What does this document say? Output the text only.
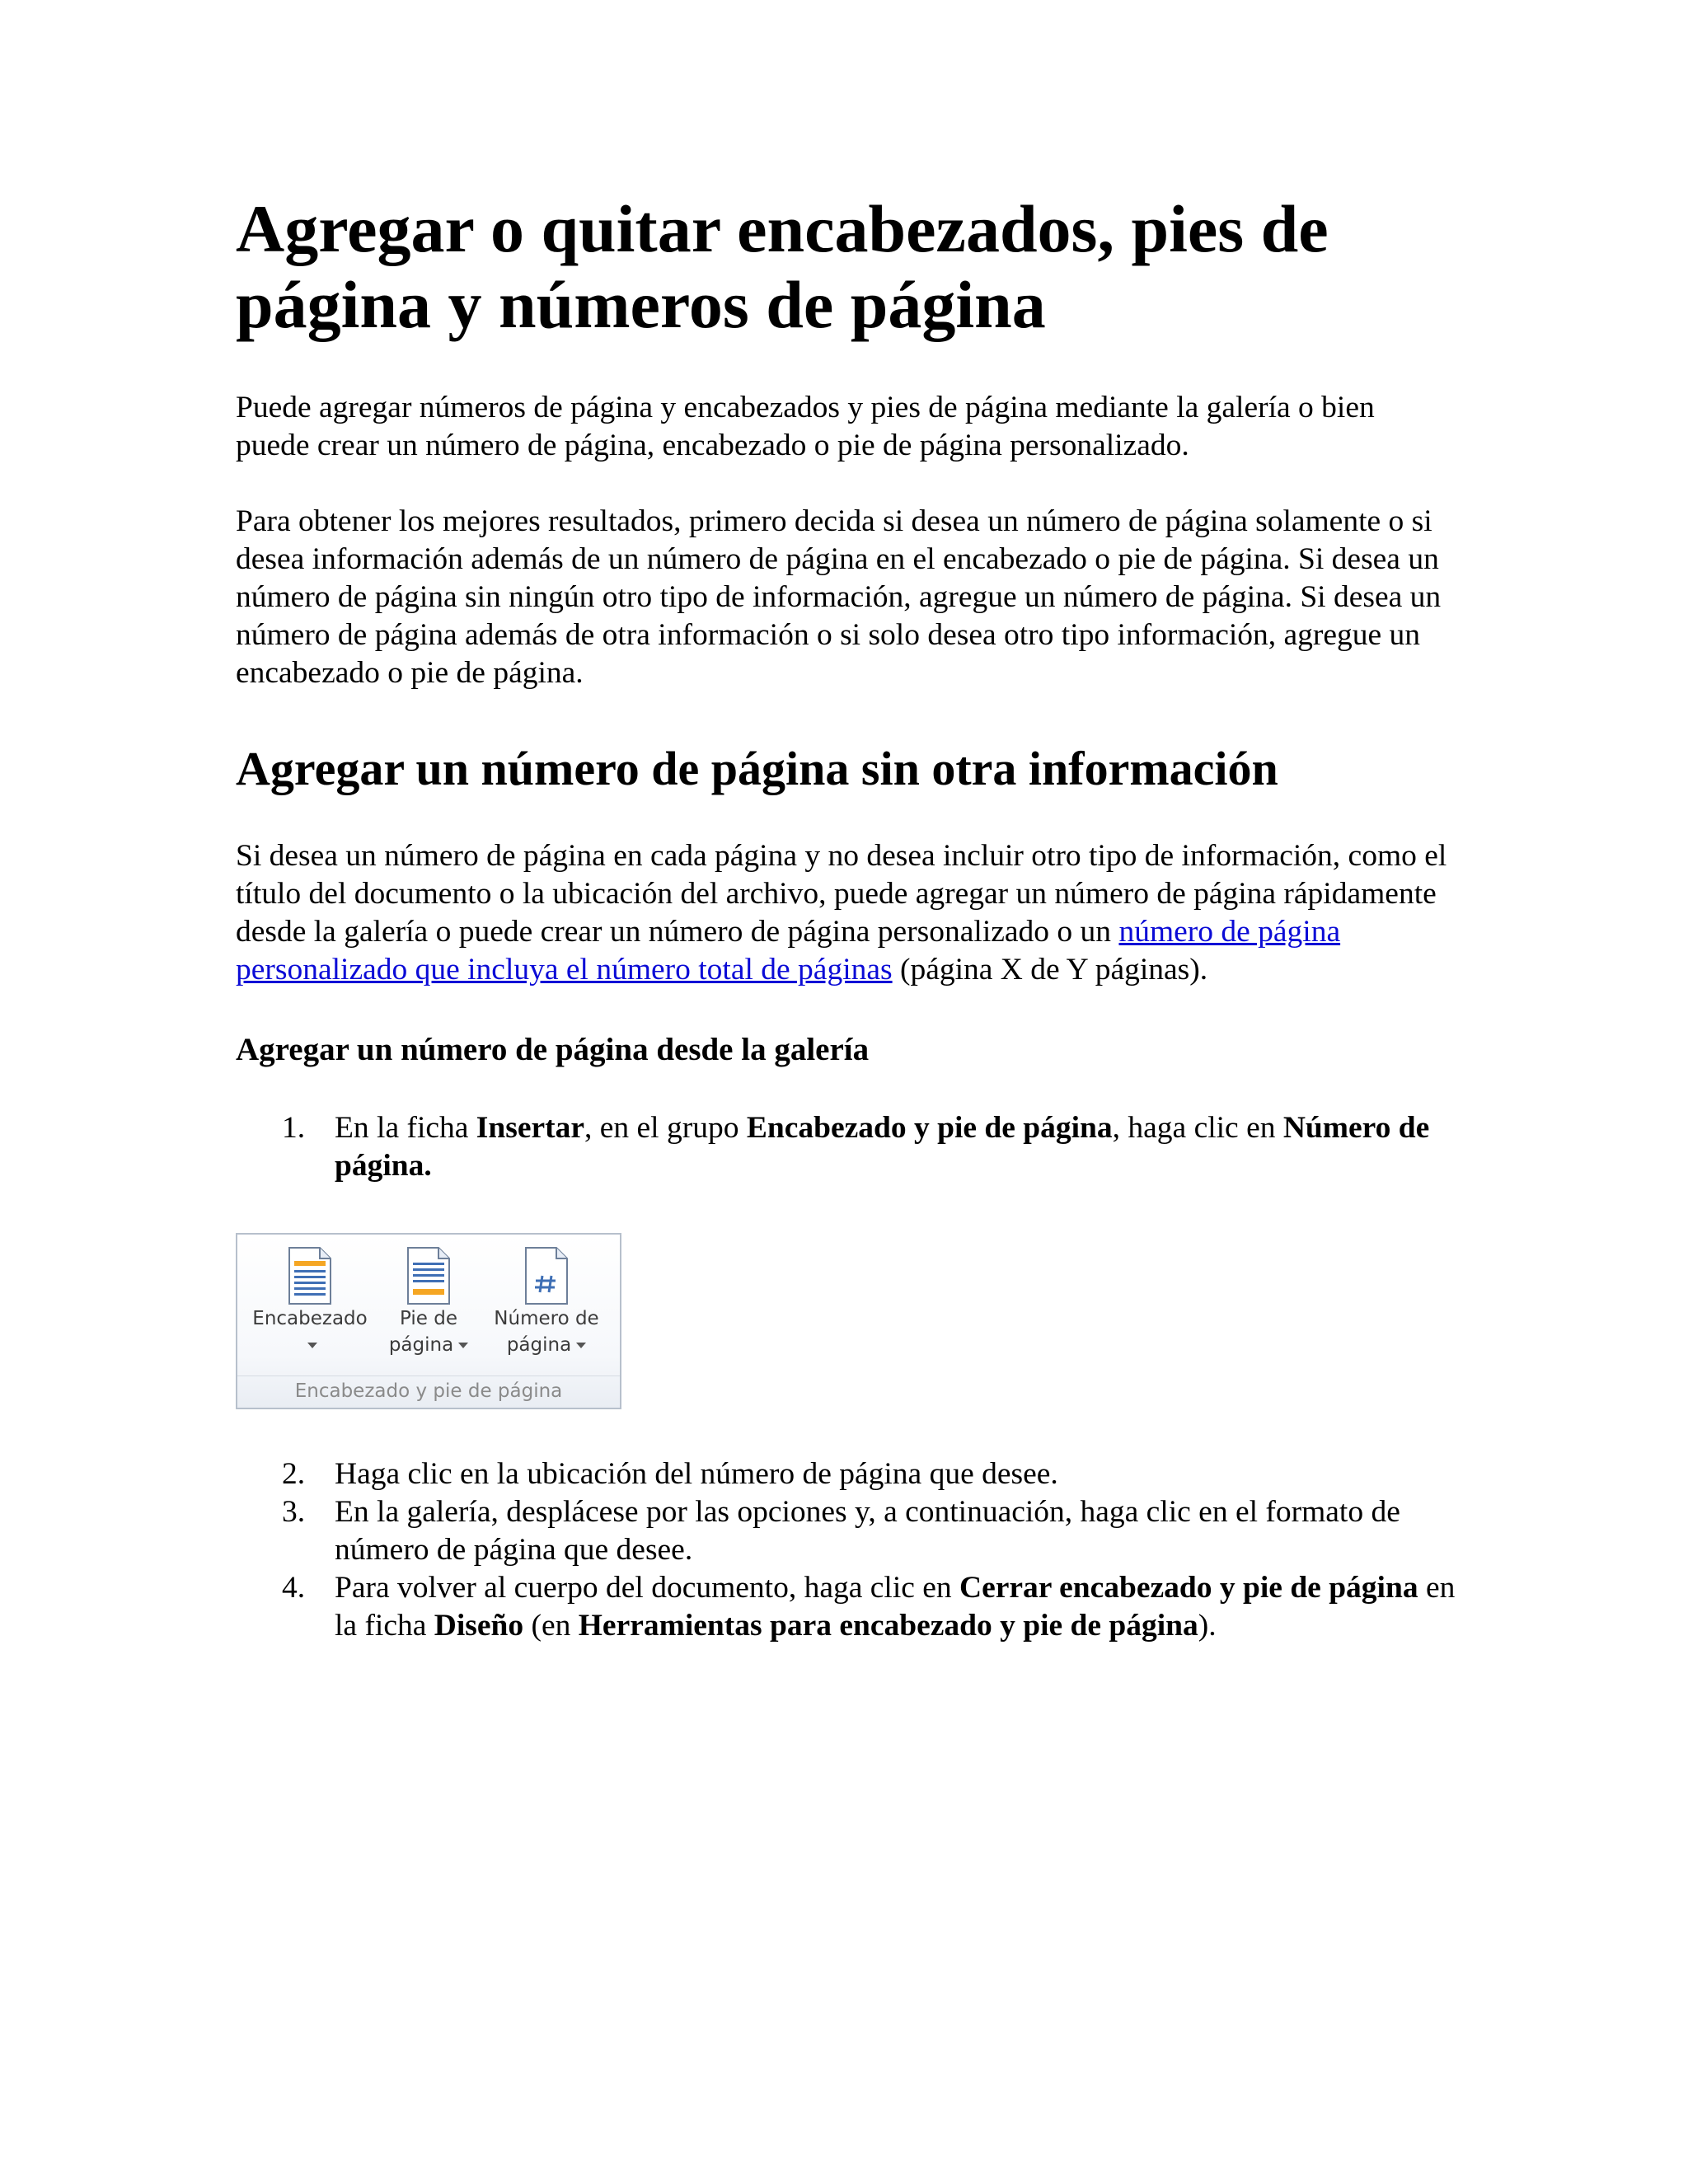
Agregar o quitar encabezados, pies de página y números de página

Puede agregar números de página y encabezados y pies de página mediante la galería o bien puede crear un número de página, encabezado o pie de página personalizado.

Para obtener los mejores resultados, primero decida si desea un número de página solamente o si desea información además de un número de página en el encabezado o pie de página. Si desea un número de página sin ningún otro tipo de información, agregue un número de página. Si desea un número de página además de otra información o si solo desea otro tipo información, agregue un encabezado o pie de página.

Agregar un número de página sin otra información

Si desea un número de página en cada página y no desea incluir otro tipo de información, como el título del documento o la ubicación del archivo, puede agregar un número de página rápidamente desde la galería o puede crear un número de página personalizado o un número de página personalizado que incluya el número total de páginas (página X de Y páginas).

Agregar un número de página desde la galería
1. En la ficha Insertar, en el grupo Encabezado y pie de página, haga clic en Número de página.
Encabezado	Pie de
página
Número de
página
Encabezado y pie de página
2. Haga clic en la ubicación del número de página que desee.
3. En la galería, desplácese por las opciones y, a continuación, haga clic en el formato de número de página que desee.
4. Para volver al cuerpo del documento, haga clic en Cerrar encabezado y pie de página en la ficha Diseño (en Herramientas para encabezado y pie de página).
